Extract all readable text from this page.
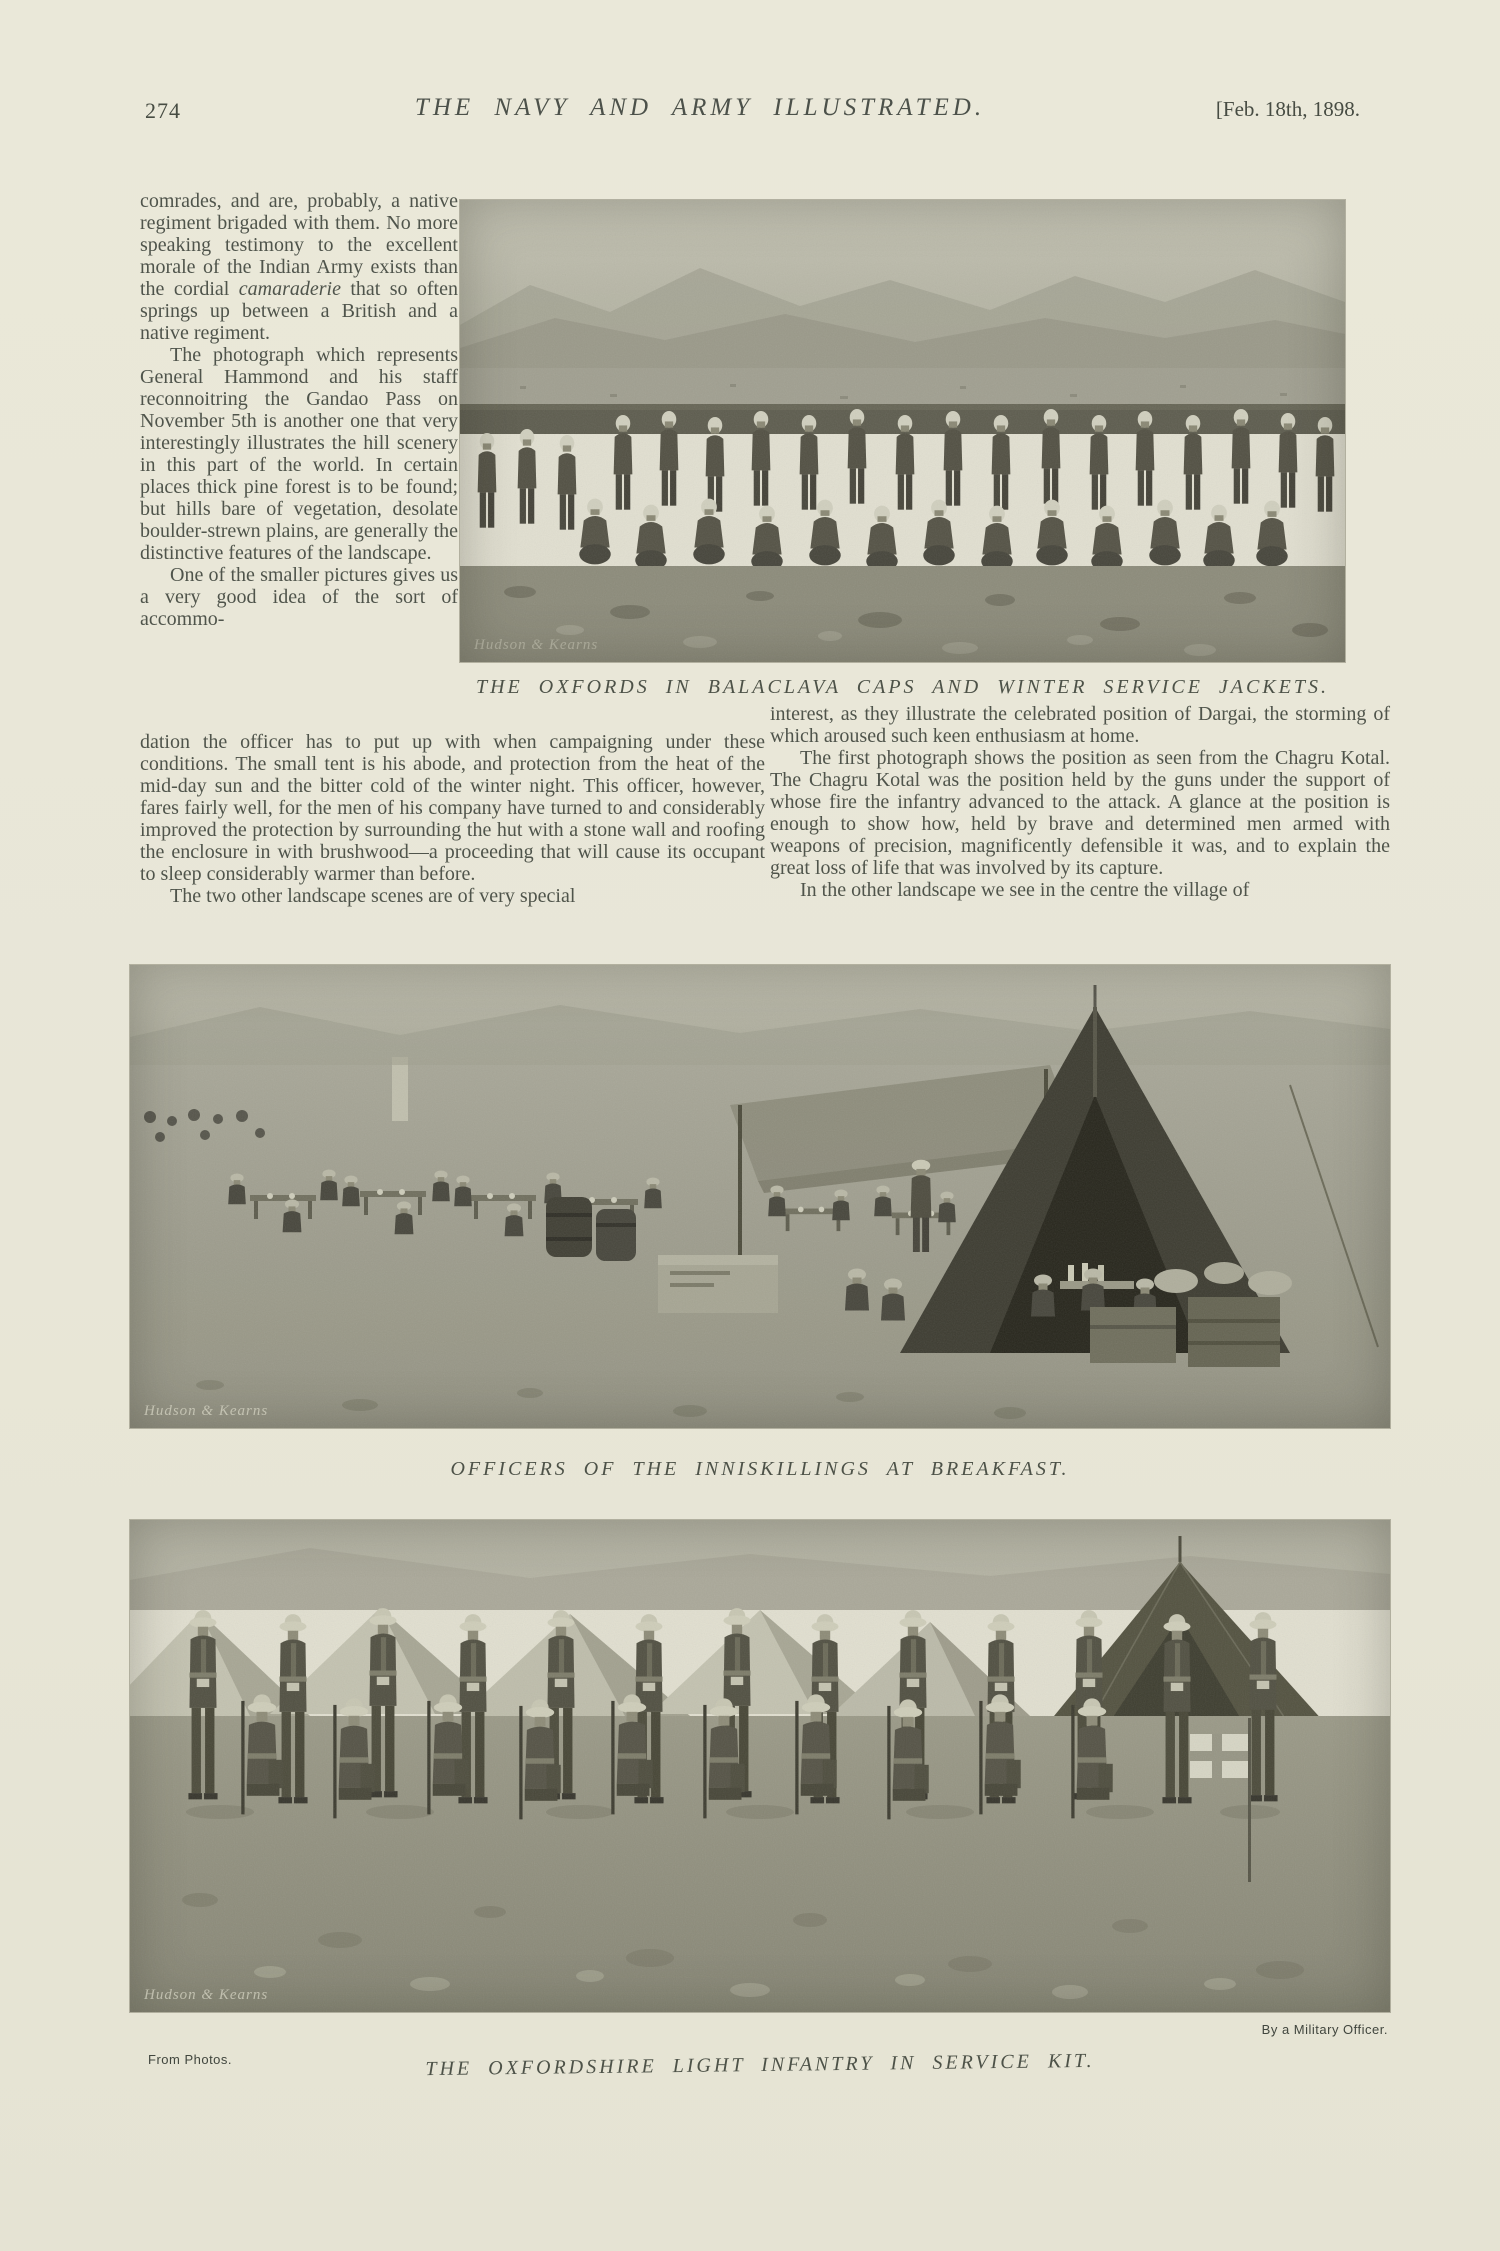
274	THE NAVY AND ARMY ILLUSTRATED.	[Feb. 18th, 1898.

comrades, and are, probably, a native regiment brigaded with them. No more speaking testimony to the excellent morale of the Indian Army exists than the cordial camaraderie that so often springs up between a British and a native regiment.

The photograph which represents General Hammond and his staff reconnoitring the Gandao Pass on November 5th is another one that very interestingly illustrates the hill scenery in this part of the world. In certain places thick pine forest is to be found; but hills bare of vegetation, desolate boulder-strewn plains, are generally the distinctive features of the landscape.

One of the smaller pictures gives us a very good idea of the sort of accommo-

Hudson & Kearns
THE OXFORDS IN BALACLAVA CAPS AND WINTER SERVICE JACKETS.

dation the officer has to put up with when campaigning under these conditions. The small tent is his abode, and protection from the heat of the mid-day sun and the bitter cold of the winter night. This officer, however, fares fairly well, for the men of his company have turned to and considerably improved the protection by surrounding the hut with a stone wall and roofing the enclosure in with brushwood—a proceeding that will cause its occupant to sleep considerably warmer than before.

The two other landscape scenes are of very special

interest, as they illustrate the celebrated position of Dargai, the storming of which aroused such keen enthusiasm at home.

The first photograph shows the position as seen from the Chagru Kotal. The Chagru Kotal was the position held by the guns under the support of whose fire the infantry advanced to the attack. A glance at the position is enough to show how, held by brave and determined men armed with weapons of precision, magnificently defensible it was, and to explain the great loss of life that was involved by its capture.

In the other landscape we see in the centre the village of

Hudson & Kearns
OFFICERS OF THE INNISKILLINGS AT BREAKFAST.
Hudson & Kearns
By a Military Officer.
From Photos.	THE OXFORDSHIRE LIGHT INFANTRY IN SERVICE KIT.
